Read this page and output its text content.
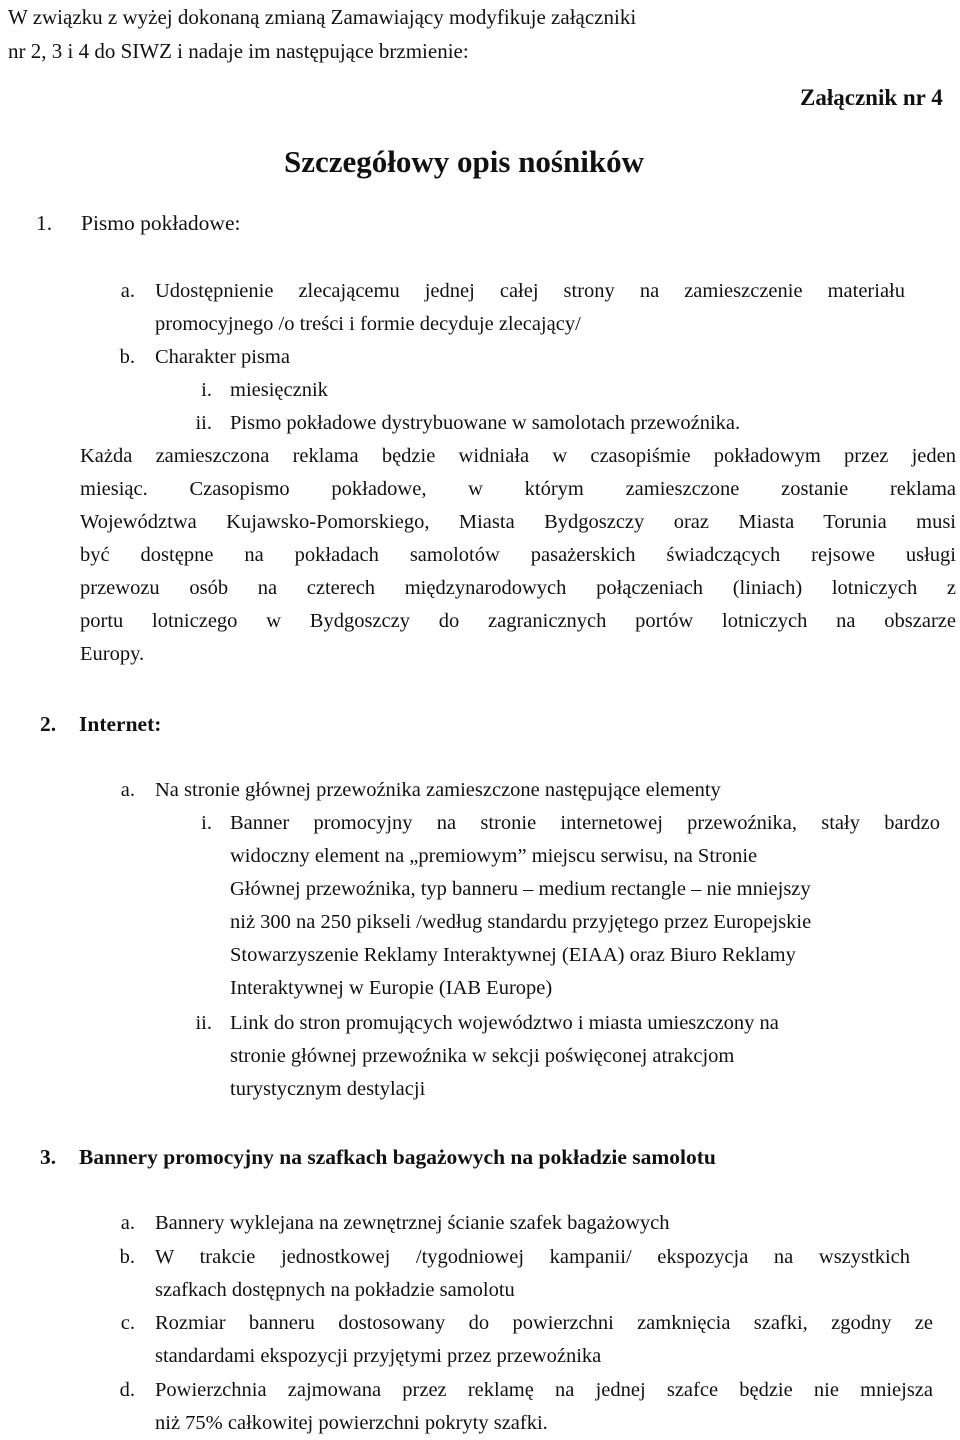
W związku z wyżej dokonaną zmianą Zamawiający modyfikuje załączniki
nr 2, 3 i 4 do SIWZ i nadaje im następujące brzmienie:
Załącznik nr 4
Szczegółowy opis nośników
1. Pismo pokładowe:
a. Udostępnienie zlecającemu jednej całej strony na zamieszczenie materiału
promocyjnego /o treści i formie decyduje zlecający/
b. Charakter pisma
i. miesięcznik
ii. Pismo pokładowe dystrybuowane w samolotach przewoźnika.
Każda zamieszczona reklama będzie widniała w czasopiśmie pokładowym przez jeden
miesiąc. Czasopismo pokładowe, w którym zamieszczone zostanie reklama
Województwa Kujawsko-Pomorskiego, Miasta Bydgoszczy oraz Miasta Torunia musi
być dostępne na pokładach samolotów pasażerskich świadczących rejsowe usługi
przewozu osób na czterech międzynarodowych połączeniach (liniach) lotniczych z
portu lotniczego w Bydgoszczy do zagranicznych portów lotniczych na obszarze
Europy.
2. Internet:
a. Na stronie głównej przewoźnika zamieszczone następujące elementy
i. Banner promocyjny na stronie internetowej przewoźnika, stały bardzo
widoczny element na „premiowym” miejscu serwisu, na Stronie
Głównej przewoźnika, typ banneru – medium rectangle – nie mniejszy
niż 300 na 250 pikseli /według standardu przyjętego przez Europejskie
Stowarzyszenie Reklamy Interaktywnej (EIAA) oraz Biuro Reklamy
Interaktywnej w Europie (IAB Europe)
ii. Link do stron promujących województwo i miasta umieszczony na
stronie głównej przewoźnika w sekcji poświęconej atrakcjom
turystycznym destylacji
3. Bannery promocyjny na szafkach bagażowych na pokładzie samolotu
a. Bannery wyklejana na zewnętrznej ścianie szafek bagażowych
b. W trakcie jednostkowej /tygodniowej kampanii/ ekspozycja na wszystkich
szafkach dostępnych na pokładzie samolotu
c. Rozmiar banneru dostosowany do powierzchni zamknięcia szafki, zgodny ze
standardami ekspozycji przyjętymi przez przewoźnika
d. Powierzchnia zajmowana przez reklamę na jednej szafce będzie nie mniejsza
niż 75% całkowitej powierzchni pokryty szafki.
